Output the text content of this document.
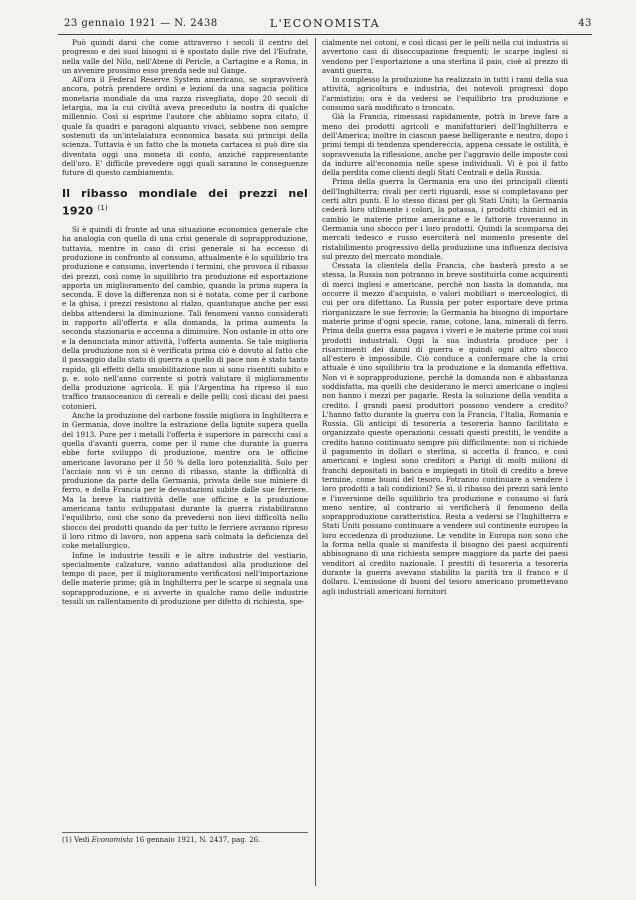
23 gennaio 1921 — N. 2438	L'ECONOMISTA	43

Può quindi darsi che come attraverso i secoli il centro del progresso e dei suoi bisogni si è spostato dalle rive del l'Eufrate, nella valle del Nilo, nell'Atene di Pericle, a Cartagine e a Roma, in un avvenire prossimo esso prenda sede sul Gange.

All'ora il Federal Reserve System americano, se sopravviverà ancora, potrà prendere ordini e lezioni da una sagacia politica monetaria mondiale da una razza risvegliata, dopo 20 secoli di letargia, ma la cui civiltà aveva preceduto la nostra di qualche millennio. Così si esprime l'autore che abbiamo sopra citato, il quale fa quadri e paragoni alquanto vivaci, sebbene non sempre sostenuti da un'intelaiatura economica basata sui principi della scienza. Tuttavia è un fatto che la moneta cartacea si può dire sia diventata oggi una moneta di conto, anziché rappresentante dell'oro. E' difficile prevedere oggi quali saranno le conseguenze future di questo cambiamento.

Il ribasso mondiale dei prezzi nel 1920 $^{(1)}$

Si è quindi di fronte ad una situazione economica generale che ha analogia con quella di una crisi generale di soprapproduzione, tuttavia, mentre in caso di crisi generale si ha eccesso di produzione in confronto al consumo, attualmente è lo squilibrio tra produzione e consumo, invertendo i termini, che provoca il ribasso dei prezzi, così come lo squilibrio tra produzione ed esportazione apporta un miglioramento del cambio, quando la prima supera la seconda. E dove la differenza non si è notata, come per il carbone e la ghisa, i prezzi resistono al rialzo, quantunque anche per essi debba attendersi la diminuzione. Tali fenomeni vanno considerati in rapporto all'offerta e alla domanda, la prima aumenta la seconda stazionaria e accenna a diminuire. Non ostante in otto ore e la denunciata minor attività, l'offerta aumenta. Se tale miglioria della produzione non si è verificata prima ciò è dovuto al fatto che il passaggio dallo stato di guerra a quello di pace non è stato tanto rapido, gli effetti della smobilitazione non si sono risentiti subito e p. e. solo nell'anno corrente si potrà valutare il miglioramento della produzione agricola. E già l'Argentina ha ripreso il suo traffico transoceanico di cereali e delle pelli; così dicasi dei paesi cotonieri.

Anche la produzione del carbone fossile migliora in Inghilterra e in Germania, dove inoltre la estrazione della lignite supera quella del 1913. Pure per i metalli l'offerta è superiore in parecchi casi a quella d'avanti guerra, come per il rame che durante la guerra ebbe forte sviluppo di produzione, mentre ora le officine americane lavorano per il 50 % della loro potenzialità. Solo per l'acciaio non vi è un cenno di ribasso, stante la difficoltà di produzione da parte della Germania, privata delle sue miniere di ferro, e della Francia per le devastazioni subite dalle sue ferriere. Ma la breve la riattività delle sue officine e la produzione americana tanto sviluppatasi durante la guerra ristabiliranno l'equilibrio, così che sono da prevedersi non lievi difficoltà nello sbocco dei prodotti quando da per tutto le ferriere avranno ripreso il loro ritmo di lavoro, non appena sarà colmata la deficienza del coke metallurgico.

Infine le industrie tessili e le altre industrie del vestiario, specialmente calzature, vanno adattandosi alla produzione del tempo di pace, per il miglioramento verificatosi nell'importazione delle materie prime; già in Inghilterra per le scarpe si segnala una soprapproduzione, e si avverte in qualche ramo delle industrie tessili un rallentamento di produzione per difetto di richiesta, spe-

cialmente nei cotoni, e così dicasi per le pelli nella cui industria si avvertono casi di disoccupazione frequenti; le scarpe inglesi si vendono per l'esportazione a una sterlina il paio, cioè al prezzo di avanti guerra.

In complesso la produzione ha realizzato in tutti i rami della sua attività, agricoltura e industria, dei notevoli progressi dopo l'armistizio; ora è da vedersi se l'equilibrio tra produzione e consumo sarà modificato o troncato.

Già la Francia, rimessasi rapidamente, potrà in breve fare a meno dei prodotti agricoli e manifatturieri dell'Inghilterra e dell'America; inoltre in ciascun paese belligerante e neutro, dopo i primi tempi di tendenza spendereccia, appena cessate le ostilità, è sopravvenuta la riflessione, anche per l'aggravio delle imposte così da indurre all'economia nelle spese individuali. Vi è poi il fatto della perdita come clienti degli Stati Centrali e della Russia.

Prima della guerra la Germania era uno dei principali clienti dell'Inghilterra; rivali per certi riguardi, esse si completavano per certi altri punti. E lo stesso dicasi per gli Stati Uniti; la Germania cederà loro utilmente i colori, la potassa, i prodotti chimici ed in cambio le materie prime americane e le fattorie troveranno in Germania uno sbocco per i loro prodotti. Quindi la scomparsa dei mercati tedesco e russo eserciterà nel momento presente del ristabilimento progressivo della produzione una influenza decisiva sul prezzo del mercato mondiale.

Cessata la clientela della Francia, che basterà presto a se stessa, la Russia non potranno in breve sostituirla come acquirenti di merci inglesi e americane, perchè non basta la domanda, ma occorre il mezzo d'acquisto, o valori mobiliari o merceologici, di cui per ora difettano. La Russia per poter esportare deve prima riorganizzare le sue ferrovie; la Germania ha bisogno di importare materie prime d'ogni specie, rame, cotone, lana, minerali di ferro. Prima della guerra essa pagava i viveri e le materie prime coi suoi prodotti industriali. Oggi la sua industria produce per i risarcimenti dei danni di guerra e quindi ogni altro sbocco all'estero è impossibile. Ciò conduce a confermare che la crisi attuale è uno squilibrio tra la produzione e la domanda effettiva. Non vi è soprapproduzione, perchè la domanda non è abbastanza soddisfatta, ma quelli che desiderano le merci americane o inglesi non hanno i mezzi per pagarle. Resta la soluzione della vendita a credito. I grandi paesi produttori possono vendere a credito? L'hanno fatto durante la guerra con la Francia, l'Italia, Romania e Russia. Gli anticipi di tesoreria a tesoreria hanno facilitato e organizzato queste operazioni: cessati questi prestiti, le vendite a credito hanno continuato sempre più difficilmente: non si richiede il pagamento in dollari o sterlina, si accetta il franco, e così americani e inglesi sono creditori a Parigi di molti milioni di franchi depositati in banca e impiegati in titoli di credito a breve termine, come buoni del tesoro. Potranno continuare a vendere i loro prodotti a tali condizioni? Se sì, il ribasso dei prezzi sarà lento e l'inversione dello squilibrio tra produzione e consumo si farà meno sentire, al contrario si verificherà il fenomeno della soprapproduzione caratteristica. Resta a vedersi se l'Inghilterra e Stati Uniti possano continuare a vendere sul continente europeo la loro eccedenza di produzione. Le vendite in Europa non sono che la forma nella quale si manifesta il bisogno dei paesi acquirenti abbisognano di una richiesta sempre maggiore da parte dei paesi venditori al credito nazionale. I prestiti di tesoreria a tesoreria durante la guerra avevano stabilito la parità tra il franco e il dollaro. L'emissione di buoni del tesoro americano promettevano agli industriali americani fornitori

(1) Vedi Economista 16 gennaio 1921, N. 2437, pag. 26.
